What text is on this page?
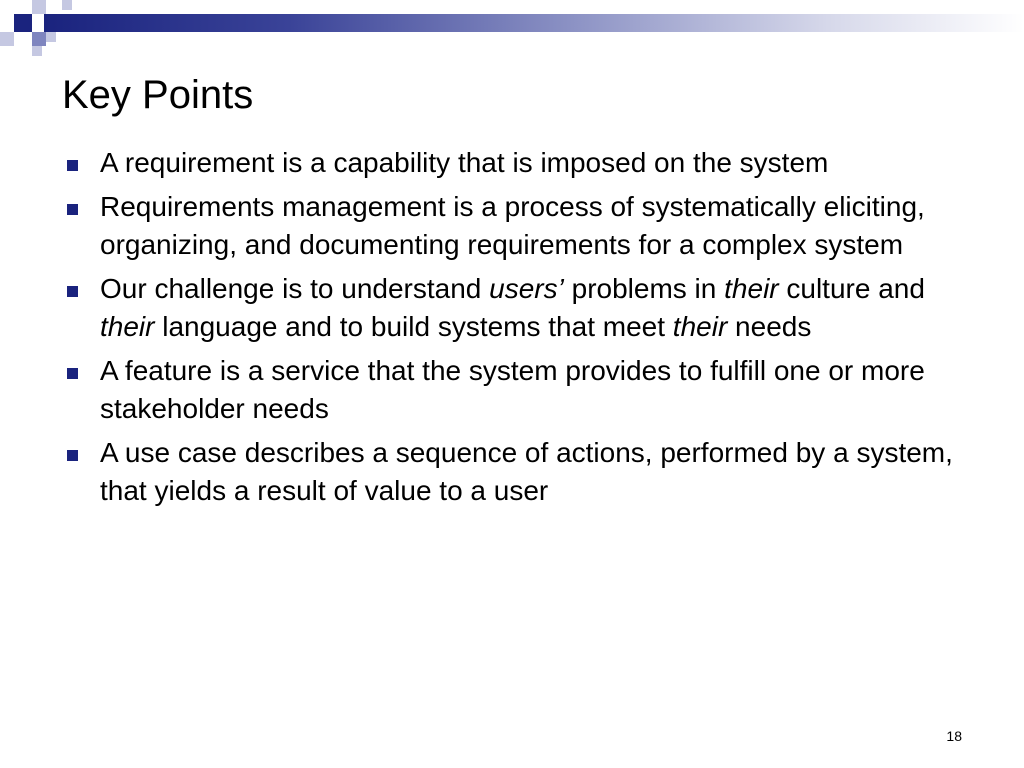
Key Points
A requirement is a capability that is imposed on the system
Requirements management is a process of systematically eliciting, organizing, and documenting requirements for a complex system
Our challenge is to understand users’ problems in their culture and their language and to build systems that meet their needs
A feature is a service that the system provides to fulfill one or more stakeholder needs
A use case describes a sequence of actions, performed by a system, that yields a result of value to a user
18
